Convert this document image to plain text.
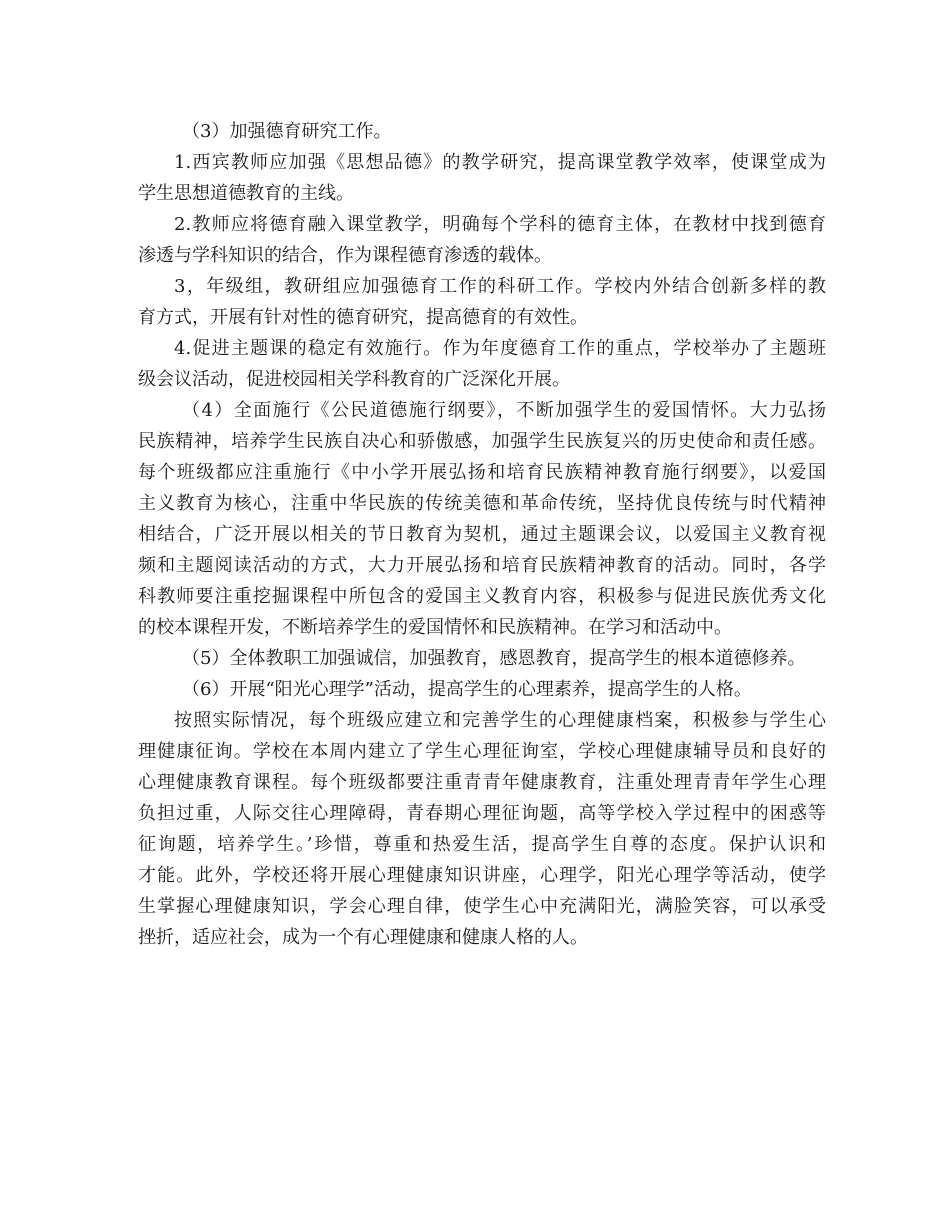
（3）加强德育研究工作。
1.西宾教师应加强《思想品德》的教学研究，提高课堂教学效率，使课堂成为
学生思想道德教育的主线。
2.教师应将德育融入课堂教学，明确每个学科的德育主体，在教材中找到德育
渗透与学科知识的结合，作为课程德育渗透的载体。
3，年级组，教研组应加强德育工作的科研工作。学校内外结合创新多样的教
育方式，开展有针对性的德育研究，提高德育的有效性。
4.促进主题课的稳定有效施行。作为年度德育工作的重点，学校举办了主题班
级会议活动，促进校园相关学科教育的广泛深化开展。
（4）全面施行《公民道德施行纲要》，不断加强学生的爱国情怀。大力弘扬
民族精神，培养学生民族自决心和骄傲感，加强学生民族复兴的历史使命和责任感。
每个班级都应注重施行《中小学开展弘扬和培育民族精神教育施行纲要》，以爱国
主义教育为核心，注重中华民族的传统美德和革命传统，坚持优良传统与时代精神
相结合，广泛开展以相关的节日教育为契机，通过主题课会议，以爱国主义教育视
频和主题阅读活动的方式，大力开展弘扬和培育民族精神教育的活动。同时，各学
科教师要注重挖掘课程中所包含的爱国主义教育内容，积极参与促进民族优秀文化
的校本课程开发，不断培养学生的爱国情怀和民族精神。在学习和活动中。
（5）全体教职工加强诚信，加强教育，感恩教育，提高学生的根本道德修养。
（6）开展“阳光心理学”活动，提高学生的心理素养，提高学生的人格。
按照实际情况，每个班级应建立和完善学生的心理健康档案，积极参与学生心
理健康征询。学校在本周内建立了学生心理征询室，学校心理健康辅导员和良好的
心理健康教育课程。每个班级都要注重青青年健康教育，注重处理青青年学生心理
负担过重，人际交往心理障碍，青春期心理征询题，高等学校入学过程中的困惑等
征询题，培养学生。’珍惜，尊重和热爱生活，提高学生自尊的态度。保护认识和
才能。此外，学校还将开展心理健康知识讲座，心理学，阳光心理学等活动，使学
生掌握心理健康知识，学会心理自律，使学生心中充满阳光，满脸笑容，可以承受
挫折，适应社会，成为一个有心理健康和健康人格的人。
